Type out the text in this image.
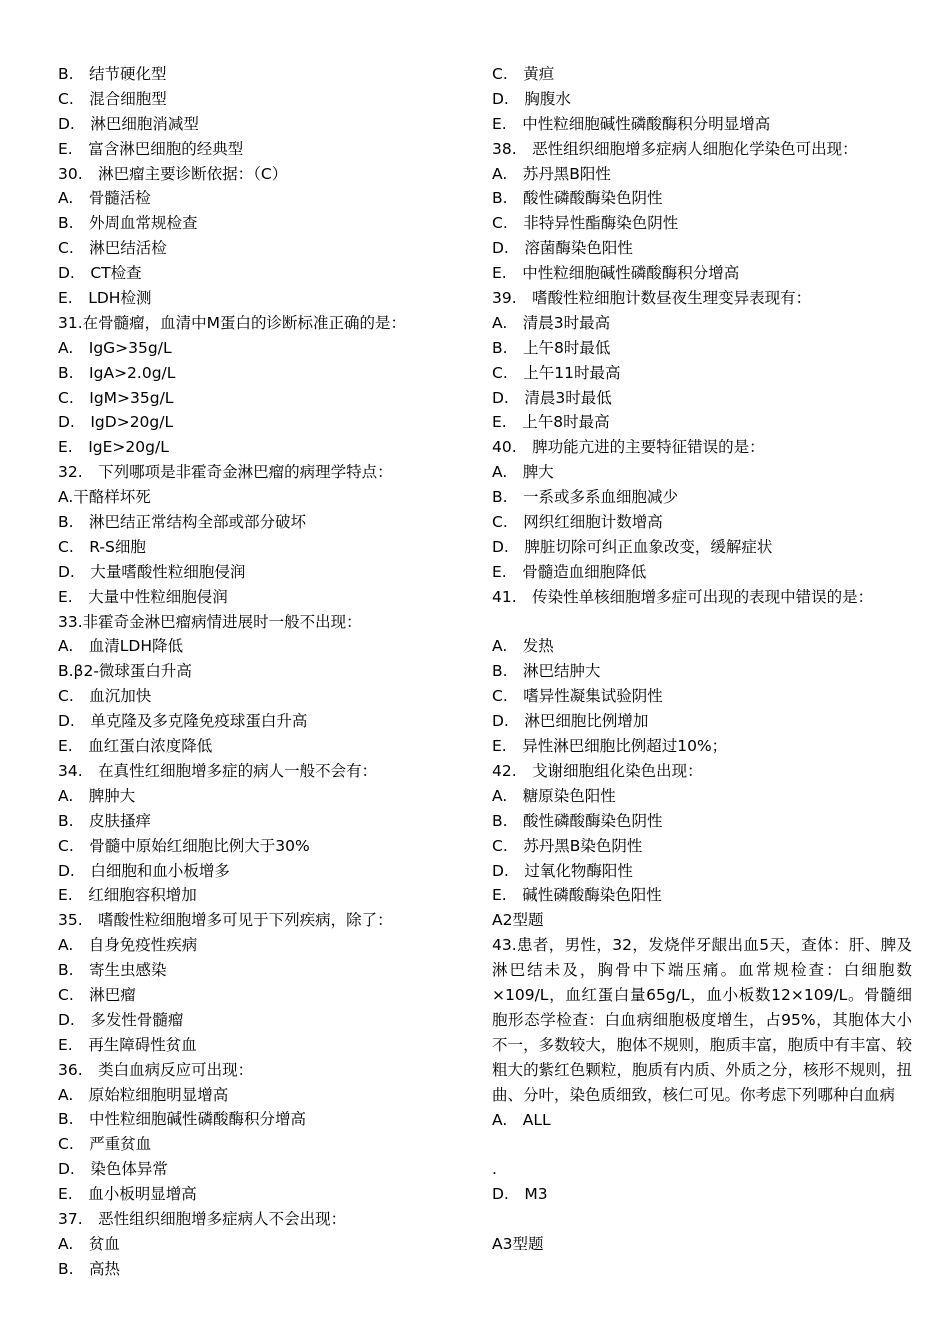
B.　结节硬化型
C.　混合细胞型
D.　淋巴细胞消减型
E.　富含淋巴细胞的经典型
30.　淋巴瘤主要诊断依据：（C）
A.　骨髓活检
B.　外周血常规检查
C.　淋巴结活检
D.　CT检查
E.　LDH检测
31.在骨髓瘤，血清中M蛋白的诊断标准正确的是：
A.　IgG>35g/L
B.　IgA>2.0g/L
C.　IgM>35g/L
D.　IgD>20g/L
E.　IgE>20g/L
32.　下列哪项是非霍奇金淋巴瘤的病理学特点：
A.干酪样坏死
B.　淋巴结正常结构全部或部分破坏
C.　R-S细胞
D.　大量嗜酸性粒细胞侵润
E.　大量中性粒细胞侵润
33.非霍奇金淋巴瘤病情进展时一般不出现：
A.　血清LDH降低
B.β2-微球蛋白升高
C.　血沉加快
D.　单克隆及多克隆免疫球蛋白升高
E.　血红蛋白浓度降低
34.　在真性红细胞增多症的病人一般不会有：
A.　脾肿大
B.　皮肤搔痒
C.　骨髓中原始红细胞比例大于30%
D.　白细胞和血小板增多
E.　红细胞容积增加
35.　嗜酸性粒细胞增多可见于下列疾病，除了：
A.　自身免疫性疾病
B.　寄生虫感染
C.　淋巴瘤
D.　多发性骨髓瘤
E.　再生障碍性贫血
36.　类白血病反应可出现：
A.　原始粒细胞明显增高
B.　中性粒细胞碱性磷酸酶积分增高
C.　严重贫血
D.　染色体异常
E.　血小板明显增高
37.　恶性组织细胞增多症病人不会出现：
A.　贫血
B.　高热
C.　黄疸
D.　胸腹水
E.　中性粒细胞碱性磷酸酶积分明显增高
38.　恶性组织细胞增多症病人细胞化学染色可出现：
A.　苏丹黑B阳性
B.　酸性磷酸酶染色阴性
C.　非特异性酯酶染色阴性
D.　溶菌酶染色阳性
E.　中性粒细胞碱性磷酸酶积分增高
39.　嗜酸性粒细胞计数昼夜生理变异表现有：
A.　清晨3时最高
B.　上午8时最低
C.　上午11时最高
D.　清晨3时最低
E.　上午8时最高
40.　脾功能亢进的主要特征错误的是：
A.　脾大
B.　一系或多系血细胞减少
C.　网织红细胞计数增高
D.　脾脏切除可纠正血象改变，缓解症状
E.　骨髓造血细胞降低
41.　传染性单核细胞增多症可出现的表现中错误的是：
A.　发热
B.　淋巴结肿大
C.　嗜异性凝集试验阴性
D.　淋巴细胞比例增加
E.　异性淋巴细胞比例超过10%；
42.　戈谢细胞组化染色出现：
A.　糖原染色阳性
B.　酸性磷酸酶染色阴性
C.　苏丹黑B染色阴性
D.　过氧化物酶阳性
E.　碱性磷酸酶染色阳性
A2型题
43.患者，男性，32，发烧伴牙龈出血5天，查体：肝、脾及淋巴结未及，胸骨中下端压痛。血常规检查：白细胞数×109/L，血红蛋白量65g/L，血小板数12×109/L。骨髓细胞形态学检查：白血病细胞极度增生，占95%，其胞体大小不一，多数较大，胞体不规则，胞质丰富，胞质中有丰富、较粗大的紫红色颗粒，胞质有内质、外质之分，核形不规则，扭曲、分叶，染色质细致，核仁可见。你考虑下列哪种白血病
A.　ALL
.
D.　M3
A3型题
